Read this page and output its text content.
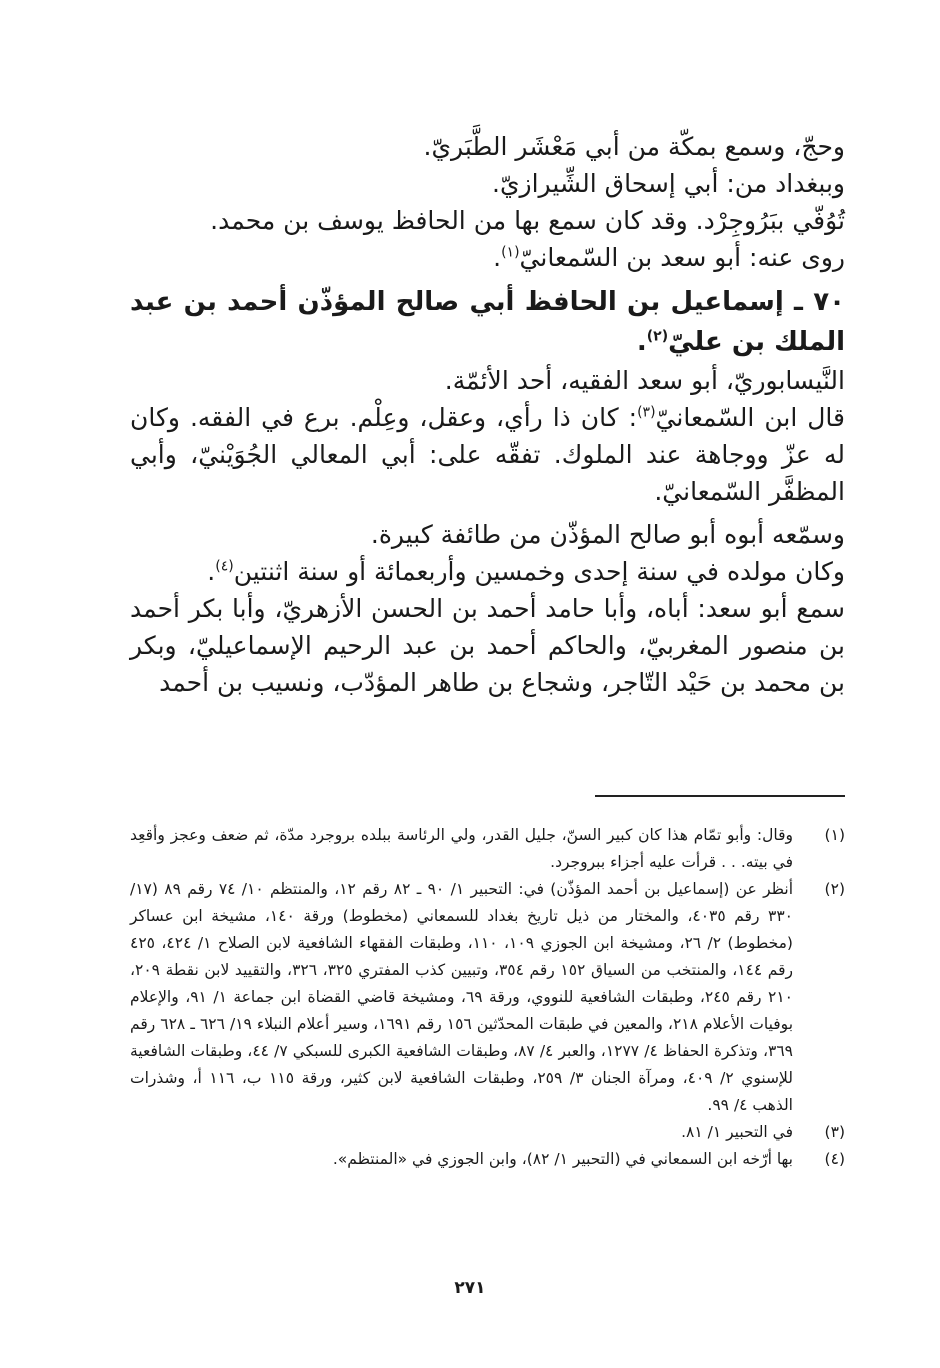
وحجّ، وسمع بمكّة من أبي مَعْشَر الطَّبَريّ.

وببغداد من: أبي إسحاق الشِّيرازيّ.

تُوُفّي ببَرُوجِرْد. وقد كان سمع بها من الحافظ يوسف بن محمد.

روى عنه: أبو سعد بن السّمعانيّ$^{(١)}$.

٧٠ ـ إسماعيل بن الحافظ أبي صالح المؤذّن أحمد بن عبد الملك بن عليّ$^{(٢)}$.

النَّيسابوريّ، أبو سعد الفقيه، أحد الأئمّة.

قال ابن السّمعانيّ$^{(٣)}$: كان ذا رأي، وعقل، وعِلْم. برع في الفقه. وكان له عزّ ووجاهة عند الملوك. تفقّه على: أبي المعالي الجُوَيْنيّ، وأبي المظفَّر السّمعانيّ.

وسمّعه أبوه أبو صالح المؤذّن من طائفة كبيرة.

وكان مولده في سنة إحدى وخمسين وأربعمائة أو سنة اثنتين$^{(٤)}$.

سمع أبو سعد: أباه، وأبا حامد أحمد بن الحسن الأزهريّ، وأبا بكر أحمد بن منصور المغربيّ، والحاكم أحمد بن عبد الرحيم الإسماعيليّ، وبكر بن محمد بن حَيْد التّاجر، وشجاع بن طاهر المؤدّب، ونسيب بن أحمد

(١)
وقال: وأبو تمّام هذا كان كبير السنّ، جليل القدر، ولي الرئاسة ببلده بروجرد مدّة، ثم ضعف وعجز وأقعِد في بيته. . . قرأت عليه أجزاء ببروجرد.
(٢)
أنظر عن (إسماعيل بن أحمد المؤذّن) في: التحبير ١/ ٩٠ ـ ٨٢ رقم ١٢، والمنتظم ١٠/ ٧٤ رقم ٨٩ (١٧/ ٣٣٠ رقم ٤٠٣٥، والمختار من ذيل تاريخ بغداد للسمعاني (مخطوط) ورقة ١٤٠، مشيخة ابن عساكر (مخطوط) ٢/ ٢٦، ومشيخة ابن الجوزي ١٠٩، ١١٠، وطبقات الفقهاء الشافعية لابن الصلاح ١/ ٤٢٤، ٤٢٥ رقم ١٤٤، والمنتخب من السياق ١٥٢ رقم ٣٥٤، وتبيين كذب المفتري ٣٢٥، ٣٢٦، والتقييد لابن نقطة ٢٠٩، ٢١٠ رقم ٢٤٥، وطبقات الشافعية للنووي، ورقة ٦٩، ومشيخة قاضي القضاة ابن جماعة ١/ ٩١، والإعلام بوفيات الأعلام ٢١٨، والمعين في طبقات المحدّثين ١٥٦ رقم ١٦٩١، وسير أعلام النبلاء ١٩/ ٦٢٦ ـ ٦٢٨ رقم ٣٦٩، وتذكرة الحفاظ ٤/ ١٢٧٧، والعبر ٤/ ٨٧، وطبقات الشافعية الكبرى للسبكي ٧/ ٤٤، وطبقات الشافعية للإسنوي ٢/ ٤٠٩، ومرآة الجنان ٣/ ٢٥٩، وطبقات الشافعية لابن كثير، ورقة ١١٥ ب، ١١٦ أ، وشذرات الذهب ٤/ ٩٩.
(٣)
في التحبير ١/ ٨١.
(٤)
بها أرّخه ابن السمعاني في (التحبير ١/ ٨٢)، وابن الجوزي في «المنتظم».
٢٧١
